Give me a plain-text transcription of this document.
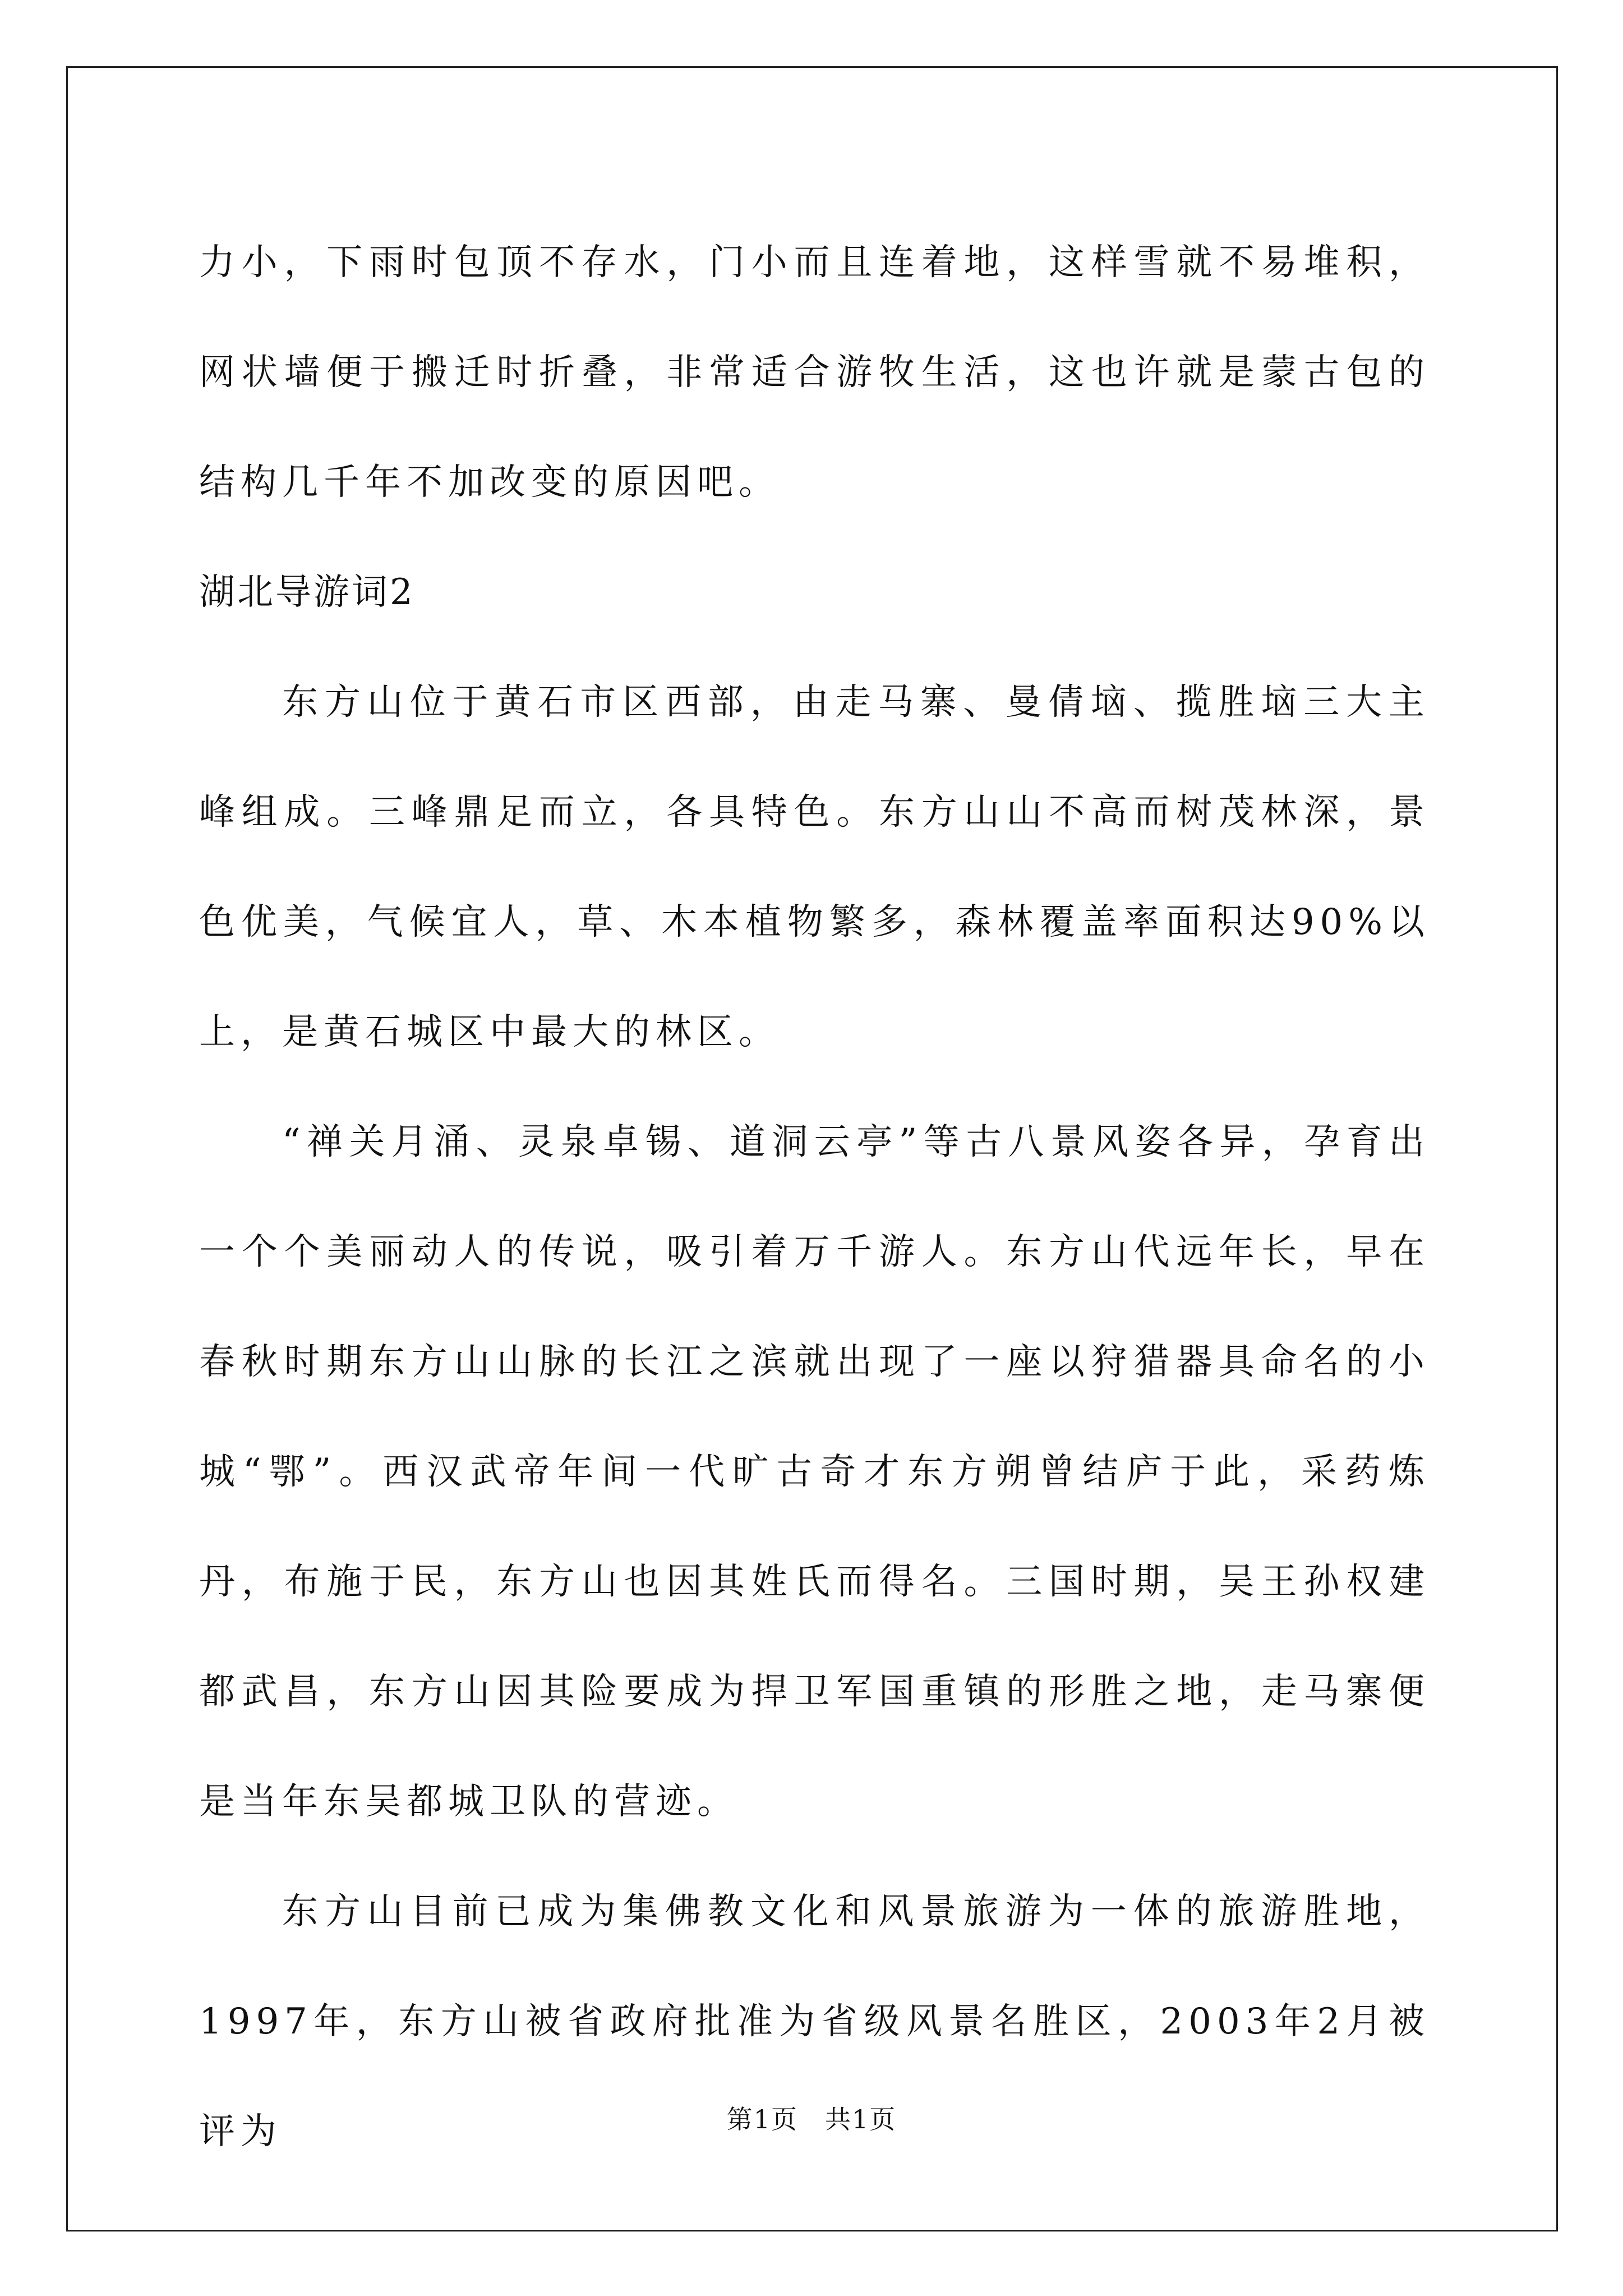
力小，下雨时包顶不存水，门小而且连着地，这样雪就不易堆积，网状墙便于搬迁时折叠，非常适合游牧生活，这也许就是蒙古包的结构几千年不加改变的原因吧。

湖北导游词2

东方山位于黄石市区西部，由走马寨、曼倩垴、揽胜垴三大主峰组成。三峰鼎足而立，各具特色。东方山山不高而树茂林深，景色优美，气候宜人，草、木本植物繁多，森林覆盖率面积达90%以上，是黄石城区中最大的林区。

“禅关月涌、灵泉卓锡、道洞云亭”等古八景风姿各异，孕育出一个个美丽动人的传说，吸引着万千游人。东方山代远年长，早在春秋时期东方山山脉的长江之滨就出现了一座以狩猎器具命名的小城“鄂”。西汉武帝年间一代旷古奇才东方朔曾结庐于此，采药炼丹，布施于民，东方山也因其姓氏而得名。三国时期，吴王孙权建都武昌，东方山因其险要成为捍卫军国重镇的形胜之地，走马寨便是当年东吴都城卫队的营迹。

东方山目前已成为集佛教文化和风景旅游为一体的旅游胜地，1997年，东方山被省政府批准为省级风景名胜区，2003年2月被评为	第1页 共1页
